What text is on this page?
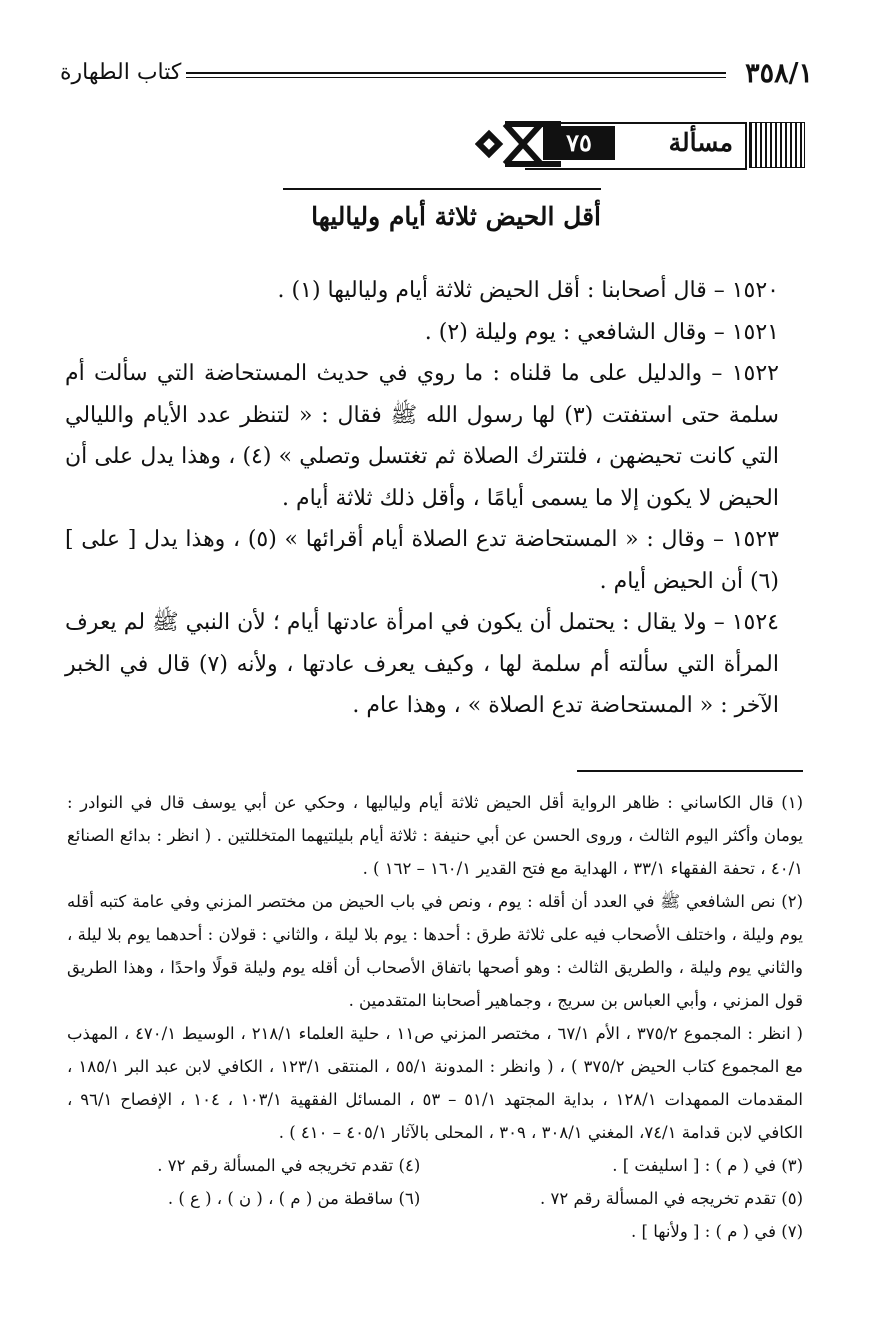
٣٥٨/١
كتاب الطهارة
مسألة
٧٥
أقل الحيض ثلاثة أيام ولياليها

١٥٢٠ – قال أصحابنا : أقل الحيض ثلاثة أيام ولياليها (١) .

١٥٢١ – وقال الشافعي : يوم وليلة (٢) .

١٥٢٢ – والدليل على ما قلناه : ما روي في حديث المستحاضة التي سألت أم سلمة حتى استفتت (٣) لها رسول الله ﷺ فقال : « لتنظر عدد الأيام والليالي التي كانت تحيضهن ، فلتترك الصلاة ثم تغتسل وتصلي » (٤) ، وهذا يدل على أن الحيض لا يكون إلا ما يسمى أيامًا ، وأقل ذلك ثلاثة أيام .

١٥٢٣ – وقال : « المستحاضة تدع الصلاة أيام أقرائها » (٥) ، وهذا يدل [ على ] (٦) أن الحيض أيام .

١٥٢٤ – ولا يقال : يحتمل أن يكون في امرأة عادتها أيام ؛ لأن النبي ﷺ لم يعرف المرأة التي سألته أم سلمة لها ، وكيف يعرف عادتها ، ولأنه (٧) قال في الخبر الآخر : « المستحاضة تدع الصلاة » ، وهذا عام .

(١) قال الكاساني : ظاهر الرواية أقل الحيض ثلاثة أيام ولياليها ، وحكي عن أبي يوسف قال في النوادر : يومان وأكثر اليوم الثالث ، وروى الحسن عن أبي حنيفة : ثلاثة أيام بليلتيهما المتخللتين . ( انظر : بدائع الصنائع ٤٠/١ ، تحفة الفقهاء ٣٣/١ ، الهداية مع فتح القدير ١٦٠/١ – ١٦٢ ) .

(٢) نص الشافعي ﷺ في العدد أن أقله : يوم ، ونص في باب الحيض من مختصر المزني وفي عامة كتبه أقله يوم وليلة ، واختلف الأصحاب فيه على ثلاثة طرق : أحدها : يوم بلا ليلة ، والثاني : قولان : أحدهما يوم بلا ليلة ، والثاني يوم وليلة ، والطريق الثالث : وهو أصحها باتفاق الأصحاب أن أقله يوم وليلة قولًا واحدًا ، وهذا الطريق قول المزني ، وأبي العباس بن سريج ، وجماهير أصحابنا المتقدمين .

( انظر : المجموع ٣٧٥/٢ ، الأم ٦٧/١ ، مختصر المزني ص١١ ، حلية العلماء ٢١٨/١ ، الوسيط ٤٧٠/١ ، المهذب مع المجموع كتاب الحيض ٣٧٥/٢ ) ، ( وانظر : المدونة ٥٥/١ ، المنتقى ١٢٣/١ ، الكافي لابن عبد البر ١٨٥/١ ، المقدمات الممهدات ١٢٨/١ ، بداية المجتهد ٥١/١ – ٥٣ ، المسائل الفقهية ١٠٣/١ ، ١٠٤ ، الإفصاح ٩٦/١ ، الكافي لابن قدامة ٧٤/١، المغني ٣٠٨/١ ، ٣٠٩ ، المحلى بالآثار ٤٠٥/١ – ٤١٠ ) .

(٣) في ( م ) : [ اسليفت ] .
(٤) تقدم تخريجه في المسألة رقم ٧٢ .
(٥) تقدم تخريجه في المسألة رقم ٧٢ .
(٦) ساقطة من ( م ) ، ( ن ) ، ( ع ) .

(٧) في ( م ) : [ ولأنها ] .
